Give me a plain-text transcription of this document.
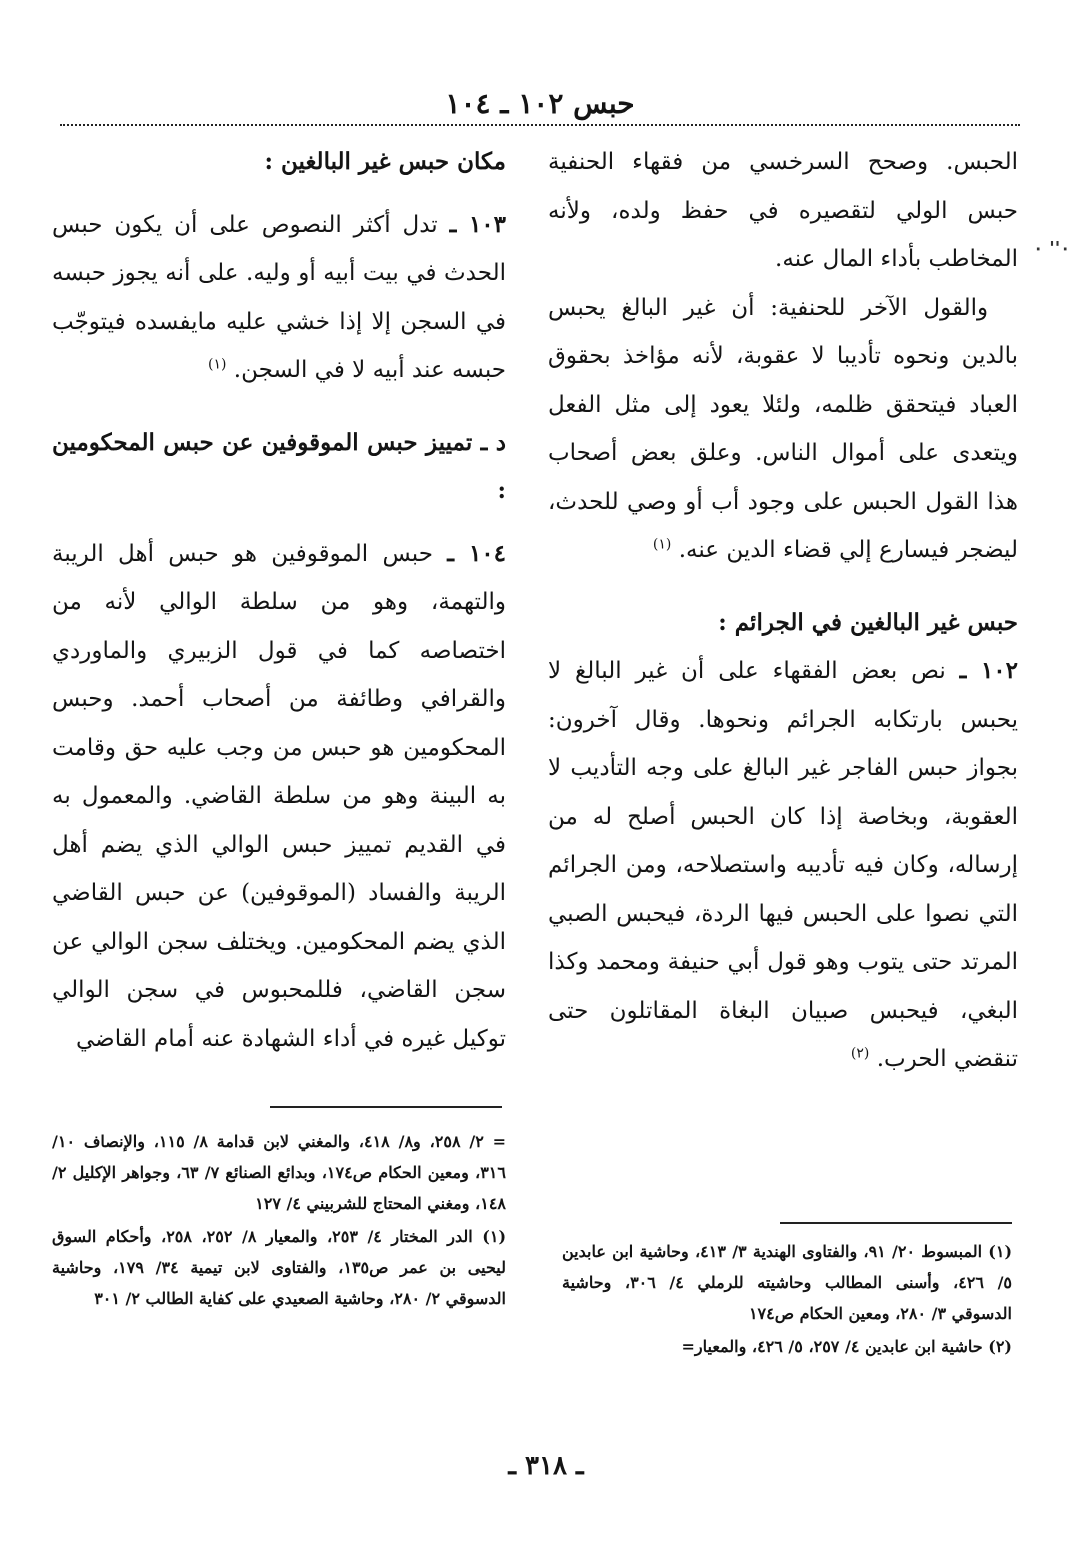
حبس ١٠٢ ـ ١٠٤
٠'' ٠

الحبس. وصحح السرخسي من فقهاء الحنفية حبس الولي لتقصيره في حفظ ولده، ولأنه المخاطب بأداء المال عنه.

والقول الآخر للحنفية: أن غير البالغ يحبس بالدين ونحوه تأديبا لا عقوبة، لأنه مؤاخذ بحقوق العباد فيتحقق ظلمه، ولئلا يعود إلى مثل الفعل ويتعدى على أموال الناس. وعلق بعض أصحاب هذا القول الحبس على وجود أب أو وصي للحدث، ليضجر فيسارع إلي قضاء الدين عنه. $^{(١)}$

حبس غير البالغين في الجرائم :

١٠٢ ـ نص بعض الفقهاء على أن غير البالغ لا يحبس بارتكابه الجرائم ونحوها. وقال آخرون: بجواز حبس الفاجر غير البالغ على وجه التأديب لا العقوبة، وبخاصة إذا كان الحبس أصلح له من إرساله، وكان فيه تأديبه واستصلاحه، ومن الجرائم التي نصوا على الحبس فيها الردة، فيحبس الصبي المرتد حتى يتوب وهو قول أبي حنيفة ومحمد وكذا البغي، فيحبس صبيان البغاة المقاتلون حتى تنقضي الحرب. $^{(٢)}$

مكان حبس غير البالغين :

١٠٣ ـ تدل أكثر النصوص على أن يكون حبس الحدث في بيت أبيه أو وليه. على أنه يجوز حبسه في السجن إلا إذا خشي عليه مايفسده فيتوجّب حبسه عند أبيه لا في السجن. $^{(١)}$

د ـ تمييز حبس الموقوفين عن حبس المحكومين :

١٠٤ ـ حبس الموقوفين هو حبس أهل الريبة والتهمة، وهو من سلطة الوالي لأنه من اختصاصه كما في قول الزبيري والماوردي والقرافي وطائفة من أصحاب أحمد. وحبس المحكومين هو حبس من وجب عليه حق وقامت به البينة وهو من سلطة القاضي. والمعمول به في القديم تمييز حبس الوالي الذي يضم أهل الريبة والفساد (الموقوفين) عن حبس القاضي الذي يضم المحكومين. ويختلف سجن الوالي عن سجن القاضي، فللمحبوس في سجن الوالي توكيل غيره في أداء الشهادة عنه أمام القاضي

(١) المبسوط ٢٠/ ٩١، والفتاوى الهندية ٣/ ٤١٣، وحاشية ابن عابدين ٥/ ٤٢٦، وأسنى المطالب وحاشيته للرملي ٤/ ٣٠٦، وحاشية الدسوقي ٣/ ٢٨٠، ومعين الحكام ص١٧٤

(٢) حاشية ابن عابدين ٤/ ٢٥٧، ٥/ ٤٢٦، والمعيار=

= ٢/ ٢٥٨، و٨/ ٤١٨، والمغني لابن قدامة ٨/ ١١٥، والإنصاف ١٠/ ٣١٦، ومعين الحكام ص١٧٤، وبدائع الصنائع ٧/ ٦٣، وجواهر الإكليل ٢/ ١٤٨، ومغني المحتاج للشربيني ٤/ ١٢٧

(١) الدر المختار ٤/ ٢٥٣، والمعيار ٨/ ٢٥٢، ٢٥٨، وأحكام السوق ليحيى بن عمر ص١٣٥، والفتاوى لابن تيمية ٣٤/ ١٧٩، وحاشية الدسوقي ٢/ ٢٨٠، وحاشية الصعيدي على كفاية الطالب ٢/ ٣٠١

ـ ٣١٨ ـ
